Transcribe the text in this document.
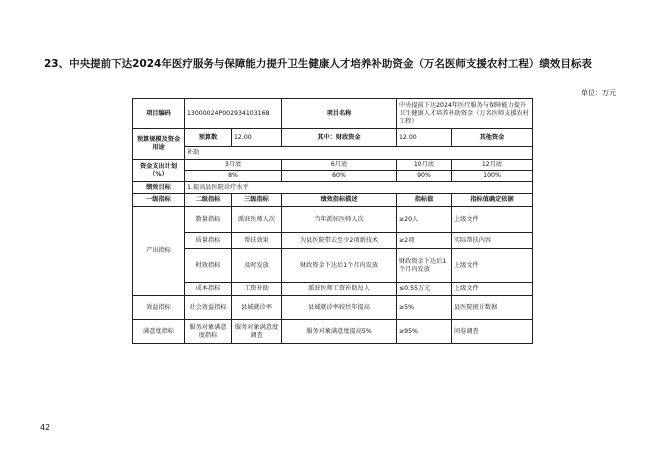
23、中央提前下达2024年医疗服务与保障能力提升卫生健康人才培养补助资金（万名医师支援农村工程）绩效目标表
单位：万元
项目编码	13000024P002934103168		项目名称	中央提前下达2024年医疗服务与保障能力提升卫生健康人才培养补助资金（万名医师支援农村工程）	
预算规模及资金用途	预算数	12.00	其中：财政资金	12.00	其他资金
	补助				
资金支出计划（%）	3月底		6月底	10月底	12月底
	8%		60%	90%	100%
绩效目标	1.提高县医院诊疗水平				
一级指标	二级指标	三级指标	绩效指标描述	指标值	指标值确定依据
产出指标	数量指标	派驻医师人次	当年派驻医师人次	≥20人	上级文件
	质量指标	帮扶效果	为县医院带去至少2项新技术	≥2项	实际帮扶内容
	时效指标	及时发放	财政资金下达后1个月内发放	财政资金下达后1个月内发放	上级文件
	成本指标	工资补助	派驻医师工资补助每人	≤0.55万元	上级文件
效益指标	社会效益指标	县域就诊率	县域就诊率较往年提高	≥5%	县医院统计数据
满意度指标	服务对象满意度指标	服务对象满意度调查	服务对象满意度提高5%	≥95%	问卷调查
42
